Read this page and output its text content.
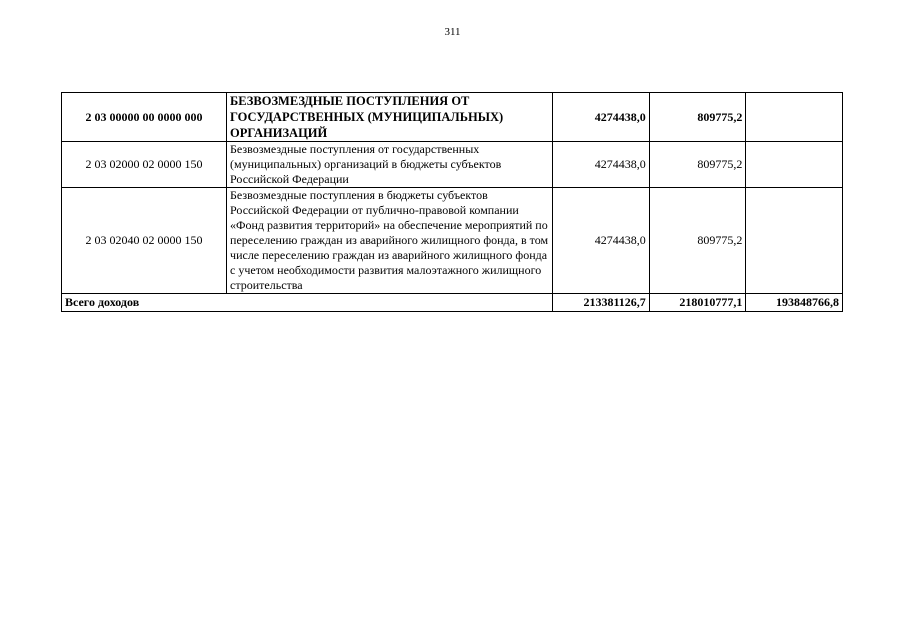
311
2 03 00000 00 0000 000	БЕЗВОЗМЕЗДНЫЕ ПОСТУПЛЕНИЯ ОТ ГОСУДАРСТВЕННЫХ (МУНИЦИПАЛЬНЫХ) ОРГАНИЗАЦИЙ	4274438,0	809775,2	
2 03 02000 02 0000 150	Безвозмездные поступления от государственных (муниципальных) организаций в бюджеты субъектов Российской Федерации	4274438,0	809775,2	
2 03 02040 02 0000 150	Безвозмездные поступления в бюджеты субъектов Российской Федерации от публично-правовой компании «Фонд развития территорий» на обеспечение мероприятий по переселению граждан из аварийного жилищного фонда, в том числе переселению граждан из аварийного жилищного фонда с учетом необходимости развития малоэтажного жилищного строительства	4274438,0	809775,2	
Всего доходов		213381126,7	218010777,1	193848766,8
